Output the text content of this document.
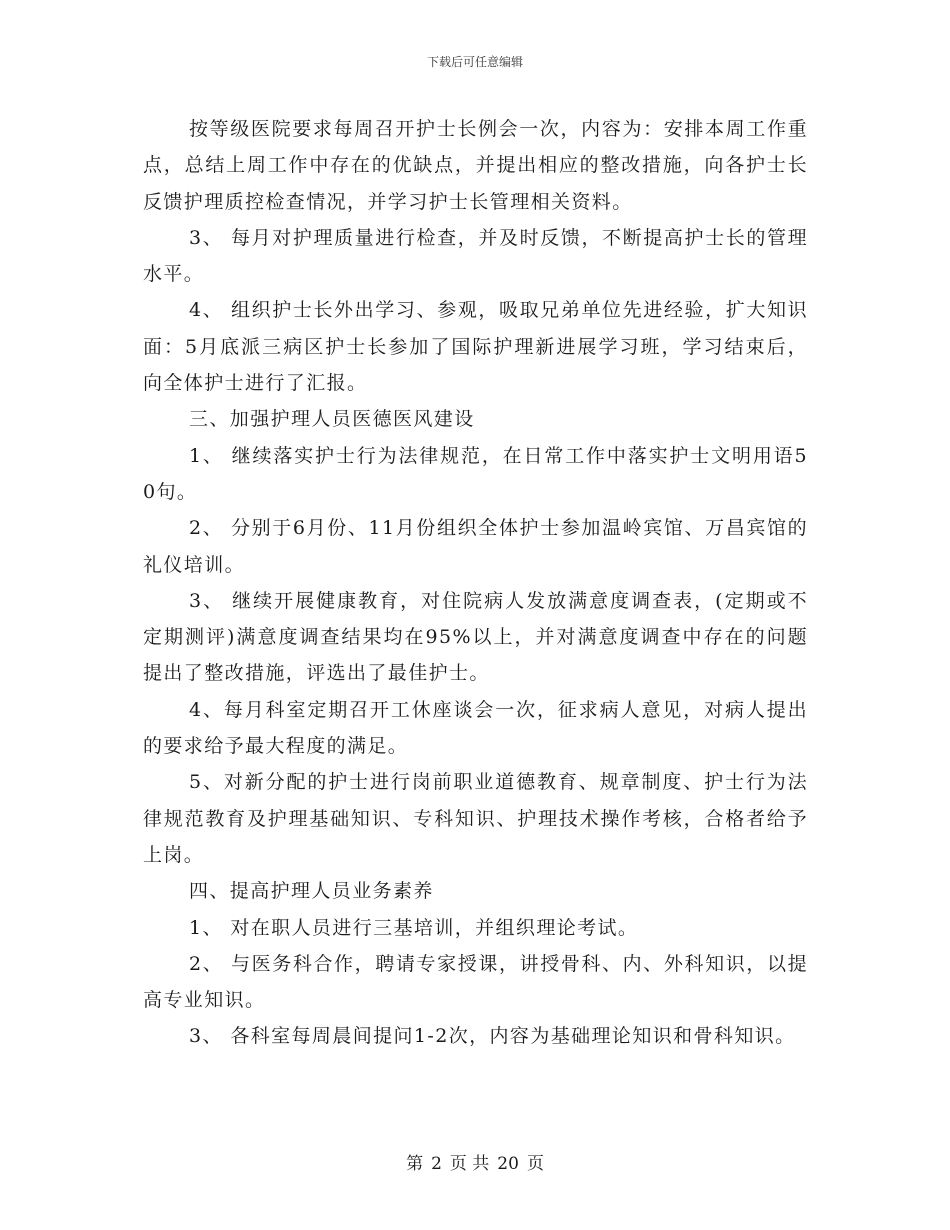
下载后可任意编辑

按等级医院要求每周召开护士长例会一次，内容为：安排本周工作重点，总结上周工作中存在的优缺点，并提出相应的整改措施，向各护士长反馈护理质控检查情况，并学习护士长管理相关资料。

3、 每月对护理质量进行检查，并及时反馈，不断提高护士长的管理水平。

4、 组织护士长外出学习、参观，吸取兄弟单位先进经验，扩大知识面：5月底派三病区护士长参加了国际护理新进展学习班，学习结束后，向全体护士进行了汇报。

三、加强护理人员医德医风建设

1、 继续落实护士行为法律规范，在日常工作中落实护士文明用语50句。

2、 分别于6月份、11月份组织全体护士参加温岭宾馆、万昌宾馆的礼仪培训。

3、 继续开展健康教育，对住院病人发放满意度调查表，(定期或不定期测评)满意度调查结果均在95%以上，并对满意度调查中存在的问题提出了整改措施，评选出了最佳护士。

4、每月科室定期召开工休座谈会一次，征求病人意见，对病人提出的要求给予最大程度的满足。

5、对新分配的护士进行岗前职业道德教育、规章制度、护士行为法律规范教育及护理基础知识、专科知识、护理技术操作考核，合格者给予上岗。

四、提高护理人员业务素养

1、 对在职人员进行三基培训，并组织理论考试。

2、 与医务科合作，聘请专家授课，讲授骨科、内、外科知识，以提高专业知识。

3、 各科室每周晨间提问1-2次，内容为基础理论知识和骨科知识。

第 2 页 共 20 页
